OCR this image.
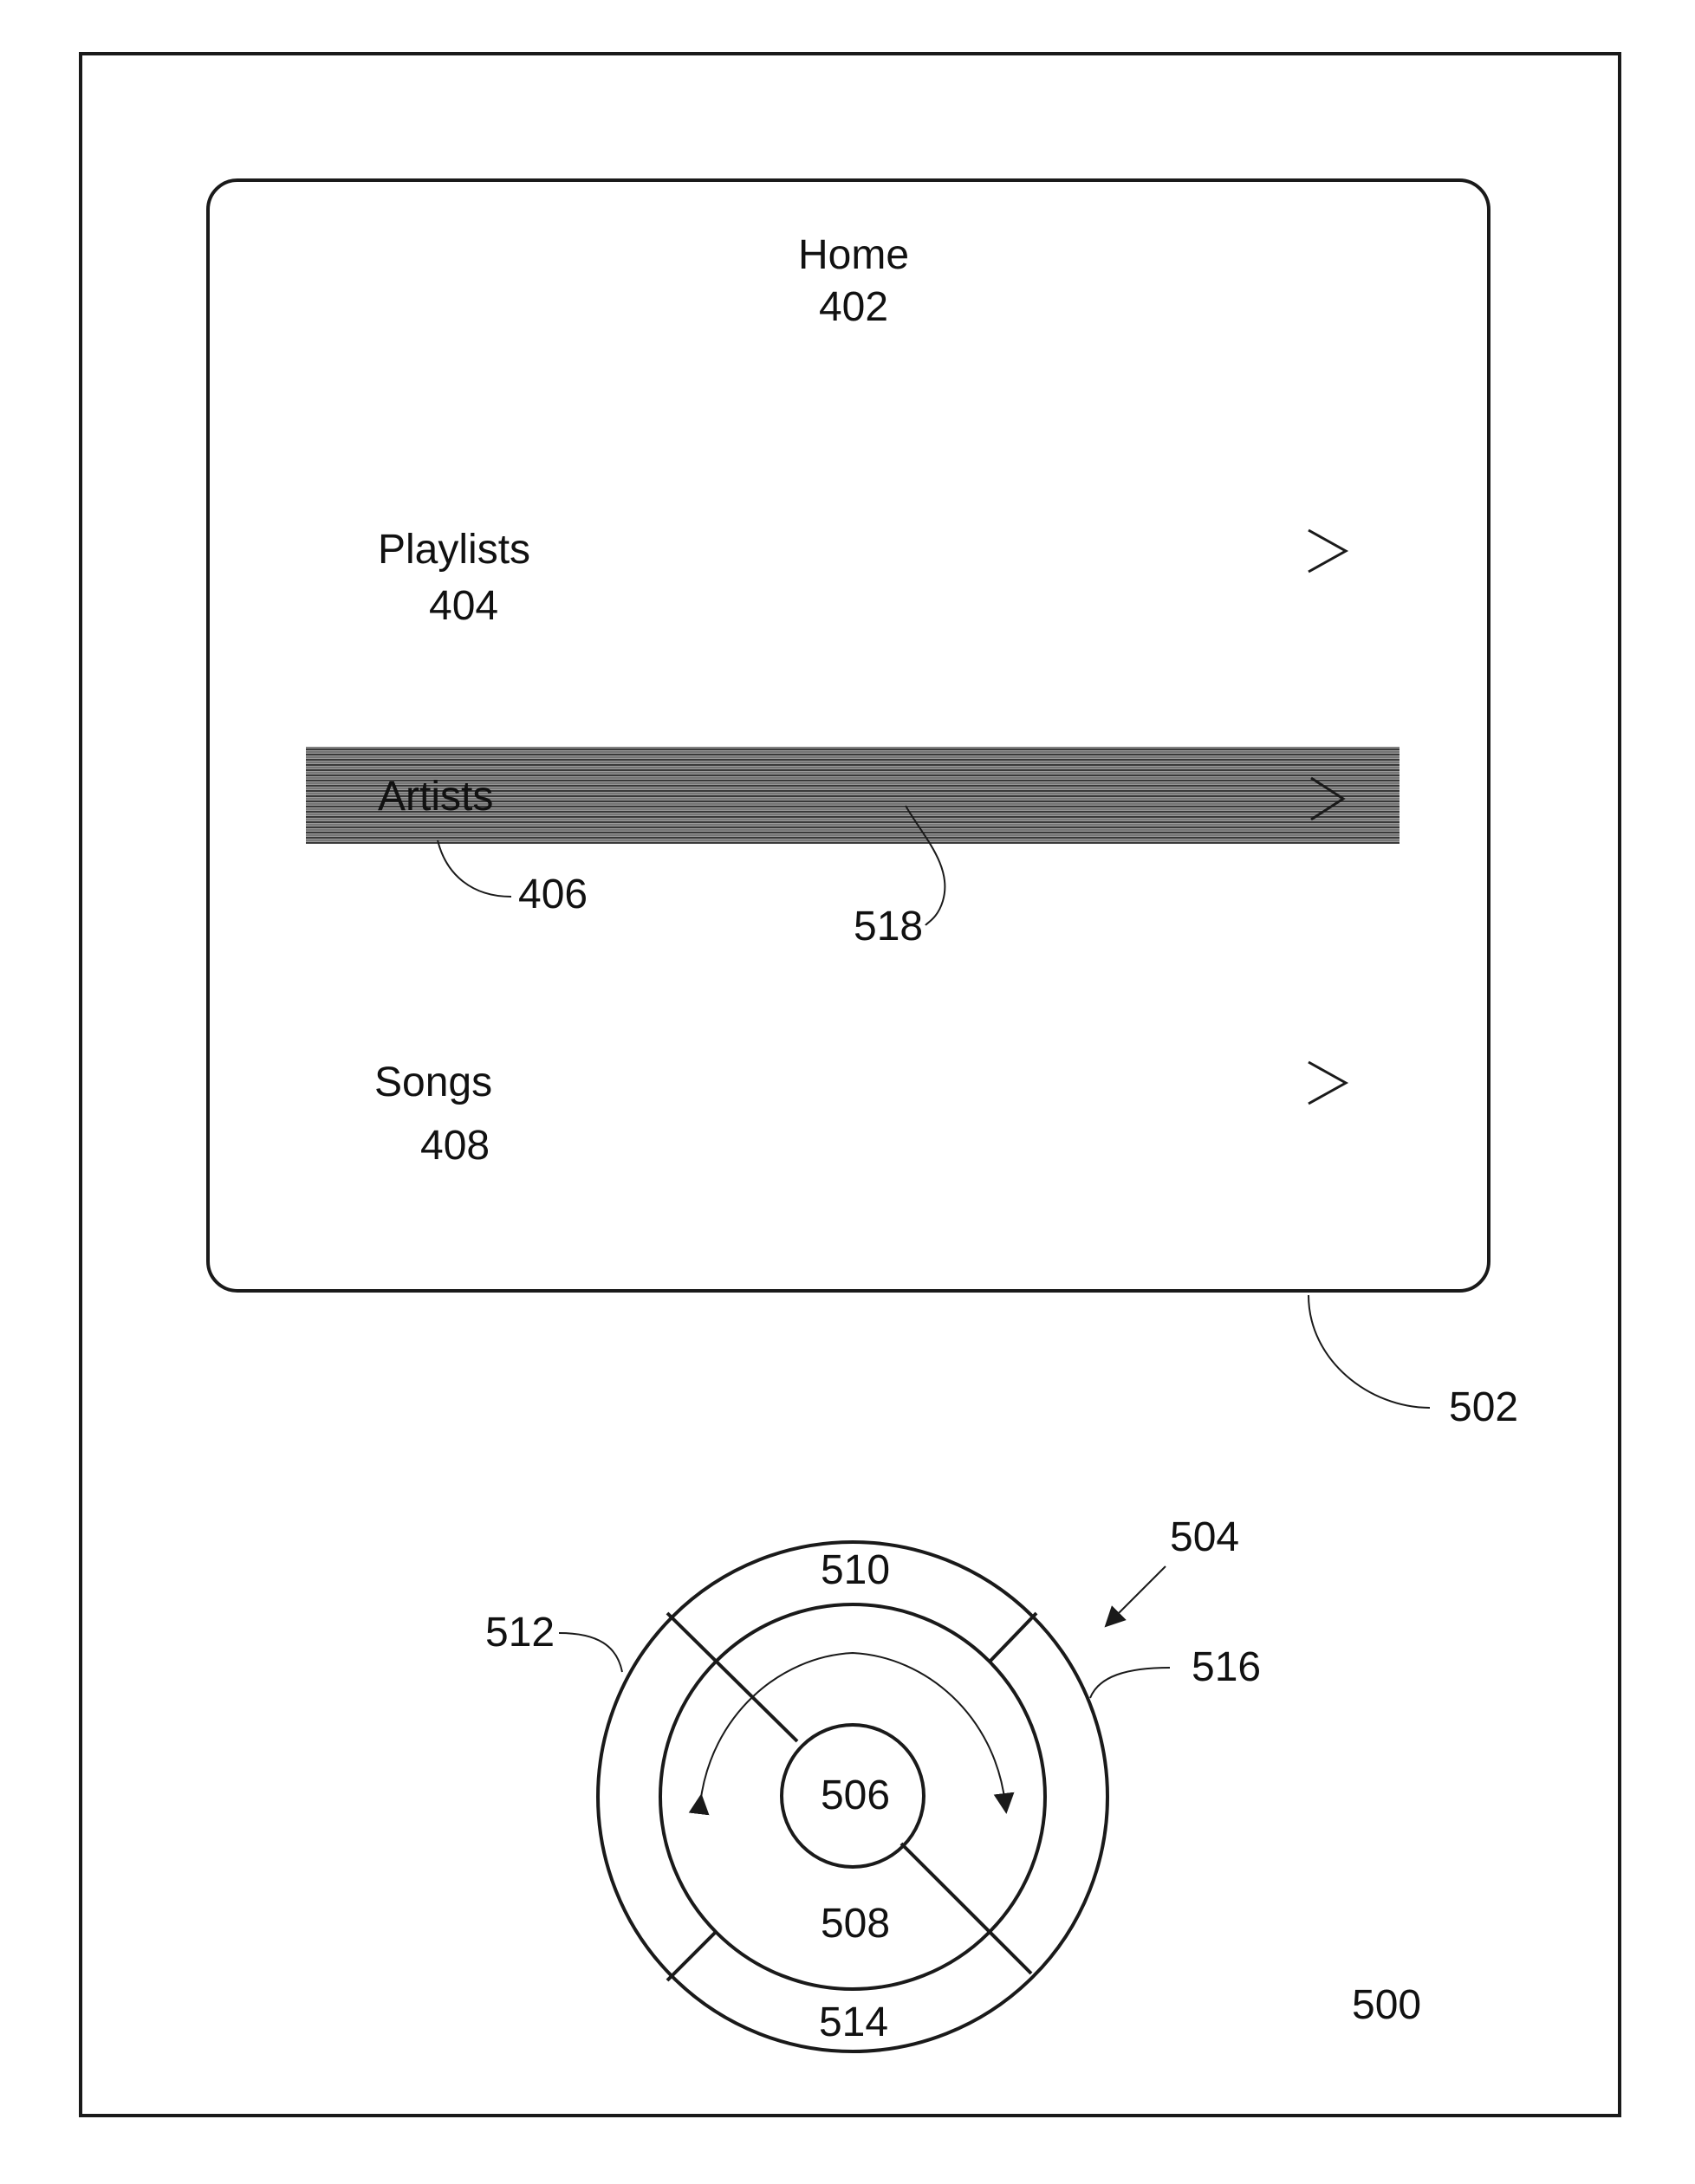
Home
402
Playlists
404
Artists
406
518
Songs
408
502
506
508
510
514
512
516
504
500
